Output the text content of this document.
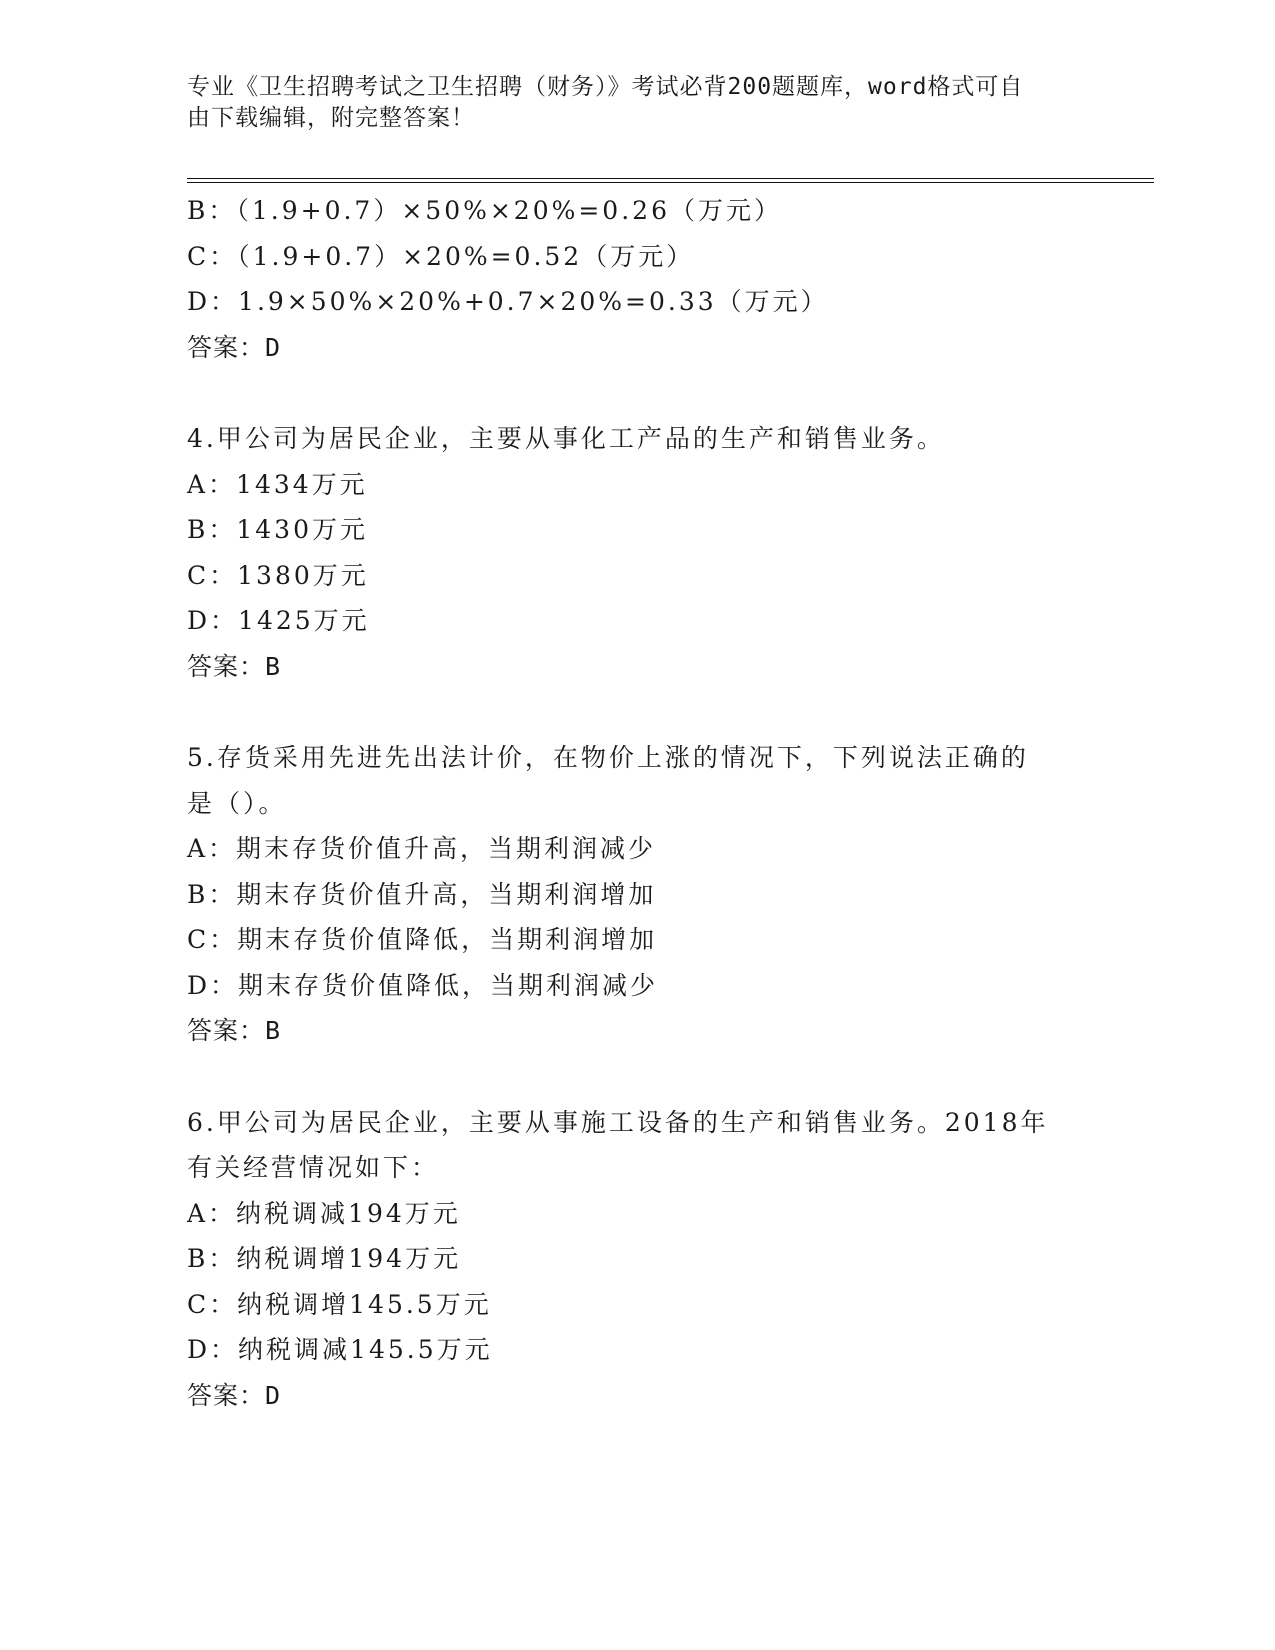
专业《卫生招聘考试之卫生招聘（财务）》考试必背200题题库，word格式可自
由下载编辑，附完整答案！
B：（1.9+0.7）×50%×20%=0.26（万元）
C：（1.9+0.7）×20%=0.52（万元）
D：1.9×50%×20%+0.7×20%=0.33（万元）
答案：D
4.甲公司为居民企业，主要从事化工产品的生产和销售业务。
A：1434万元
B：1430万元
C：1380万元
D：1425万元
答案：B
5.存货采用先进先出法计价，在物价上涨的情况下，下列说法正确的
是（）。
A：期末存货价值升高，当期利润减少
B：期末存货价值升高，当期利润增加
C：期末存货价值降低，当期利润增加
D：期末存货价值降低，当期利润减少
答案：B
6.甲公司为居民企业，主要从事施工设备的生产和销售业务。2018年
有关经营情况如下：
A：纳税调减194万元
B：纳税调增194万元
C：纳税调增145.5万元
D：纳税调减145.5万元
答案：D
